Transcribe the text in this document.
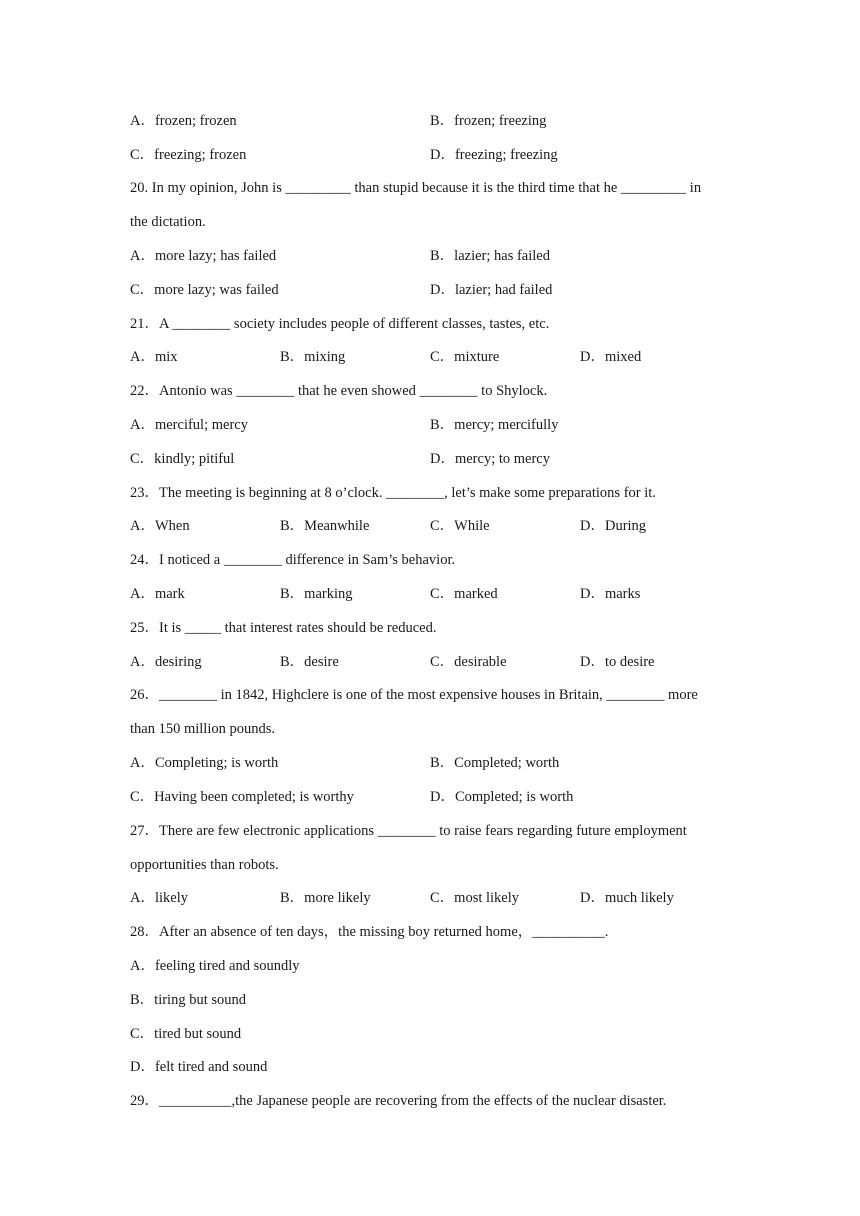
A．frozen; frozen	B．frozen; freezing
C．freezing; frozen	D．freezing; freezing
20. In my opinion, John is _________ than stupid because it is the third time that he _________ in
the dictation.
A．more lazy; has failed	B．lazier; has failed
C．more lazy; was failed	D．lazier; had failed
21．A ________ society includes people of different classes, tastes, etc.
A．mix	B．mixing	C．mixture	D．mixed
22．Antonio was ________ that he even showed ________ to Shylock.
A．merciful; mercy	B．mercy; mercifully
C．kindly; pitiful	D．mercy; to mercy
23．The meeting is beginning at 8 o’clock. ________, let’s make some preparations for it.
A．When	B．Meanwhile	C．While	D．During
24．I noticed a ________ difference in Sam’s behavior.
A．mark	B．marking	C．marked	D．marks
25．It is _____ that interest rates should be reduced.
A．desiring	B．desire	C．desirable	D．to desire
26．________ in 1842, Highclere is one of the most expensive houses in Britain, ________ more
than 150 million pounds.
A．Completing; is worth	B．Completed; worth
C．Having been completed; is worthy	D．Completed; is worth
27．There are few electronic applications ________ to raise fears regarding future employment
opportunities than robots.
A．likely	B．more likely	C．most likely	D．much likely
28．After an absence of ten days，the missing boy returned home，__________.
A．feeling tired and soundly
B．tiring but sound
C．tired but sound
D．felt tired and sound
29．__________,the Japanese people are recovering from the effects of the nuclear disaster.
